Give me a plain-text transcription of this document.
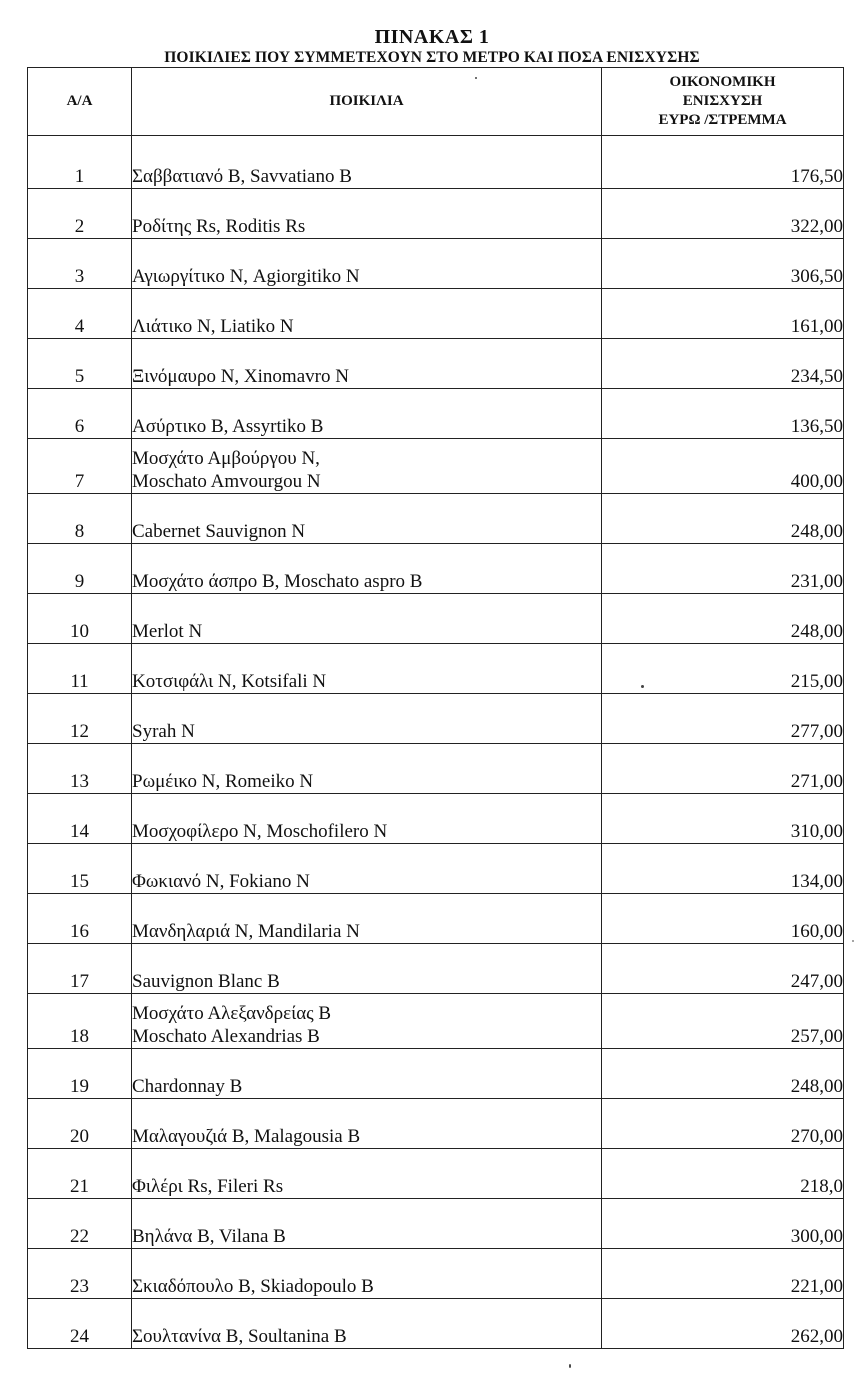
ΠΙΝΑΚΑΣ 1
ΠΟΙΚΙΛΙΕΣ ΠΟΥ ΣΥΜΜΕΤΕΧΟΥΝ ΣΤΟ ΜΕΤΡΟ ΚΑΙ ΠΟΣΑ ΕΝΙΣΧΥΣΗΣ
Α/Α	ΠΟΙΚΙΛΙΑ	ΟΙΚΟΝΟΜΙΚΗ
ΕΝΙΣΧΥΣΗ
ΕΥΡΩ /ΣΤΡΕΜΜΑ

1	Σαββατιανό B, Savvatiano B	176,50
2	Ροδίτης Rs, Roditis Rs	322,00
3	Αγιωργίτικο Ν, Agiorgitiko N	306,50
4	Λιάτικο Ν, Liatiko N	161,00
5	Ξινόμαυρο Ν, Xinomavro N	234,50
6	Ασύρτικο B, Assyrtiko B	136,50
7	Μοσχάτο Αμβούργου Ν,
Moschato Amvourgou N	400,00
8	Cabernet Sauvignon N	248,00
9	Μοσχάτο άσπρο B, Moschato aspro B	231,00
10	Merlot N	248,00
11	Κοτσιφάλι Ν, Kotsifali N	215,00
12	Syrah N	277,00
13	Ρωμέικο Ν, Romeiko N	271,00
14	Μοσχοφίλερο Ν, Moschofilero N	310,00
15	Φωκιανό Ν, Fokiano N	134,00
16	Μανδηλαριά Ν, Mandilaria N	160,00
17	Sauvignon Blanc B	247,00
18	Μοσχάτο Αλεξανδρείας B
Moschato Alexandrias B	257,00
19	Chardonnay B	248,00
20	Μαλαγουζιά B, Malagousia B	270,00
21	Φιλέρι Rs, Fileri Rs	218,0
22	Βηλάνα B, Vilana B	300,00
23	Σκιαδόπουλο B, Skiadopoulo B	221,00
24	Σουλτανίνα B, Soultanina B	262,00
